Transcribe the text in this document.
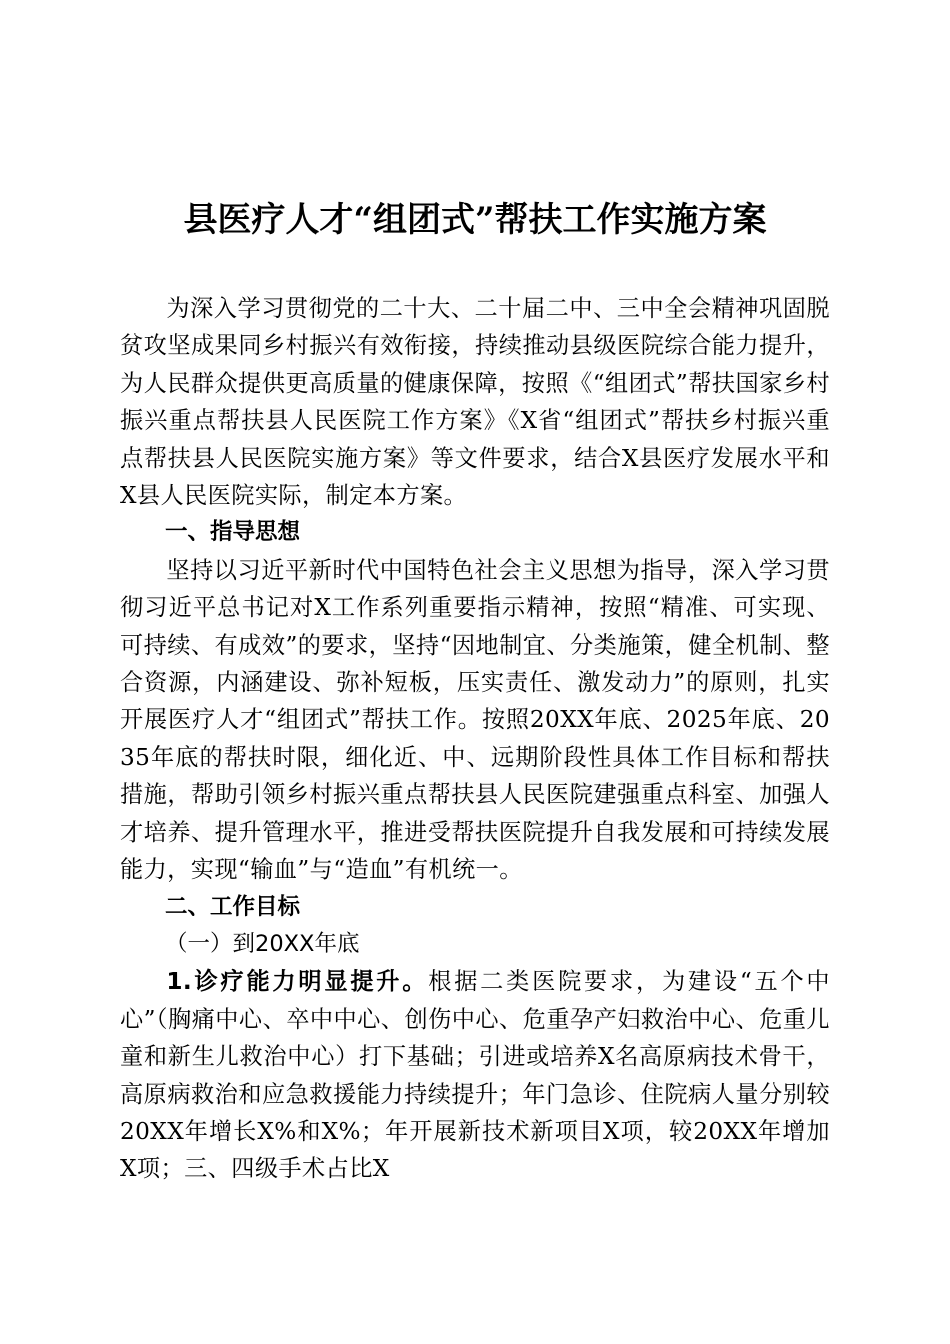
县医疗人才“组团式”帮扶工作实施方案

为深入学习贯彻党的二十大、二十届二中、三中全会精神巩固脱贫攻坚成果同乡村振兴有效衔接，持续推动县级医院综合能力提升，为人民群众提供更高质量的健康保障，按照《“组团式”帮扶国家乡村振兴重点帮扶县人民医院工作方案》《X省“组团式”帮扶乡村振兴重点帮扶县人民医院实施方案》等文件要求，结合X县医疗发展水平和X县人民医院实际，制定本方案。

一、指导思想

坚持以习近平新时代中国特色社会主义思想为指导，深入学习贯彻习近平总书记对X工作系列重要指示精神，按照“精准、可实现、可持续、有成效”的要求，坚持“因地制宜、分类施策，健全机制、整合资源，内涵建设、弥补短板，压实责任、激发动力”的原则，扎实开展医疗人才“组团式”帮扶工作。按照20XX年底、2025年底、2035年底的帮扶时限，细化近、中、远期阶段性具体工作目标和帮扶措施，帮助引领乡村振兴重点帮扶县人民医院建强重点科室、加强人才培养、提升管理水平，推进受帮扶医院提升自我发展和可持续发展能力，实现“输血”与“造血”有机统一。

二、工作目标

（一）到20XX年底

1.诊疗能力明显提升。根据二类医院要求，为建设“五个中心”（胸痛中心、卒中中心、创伤中心、危重孕产妇救治中心、危重儿童和新生儿救治中心）打下基础；引进或培养X名高原病技术骨干，高原病救治和应急救援能力持续提升；年门急诊、住院病人量分别较20XX年增长X%和X%；年开展新技术新项目X项，较20XX年增加X项；三、四级手术占比X
